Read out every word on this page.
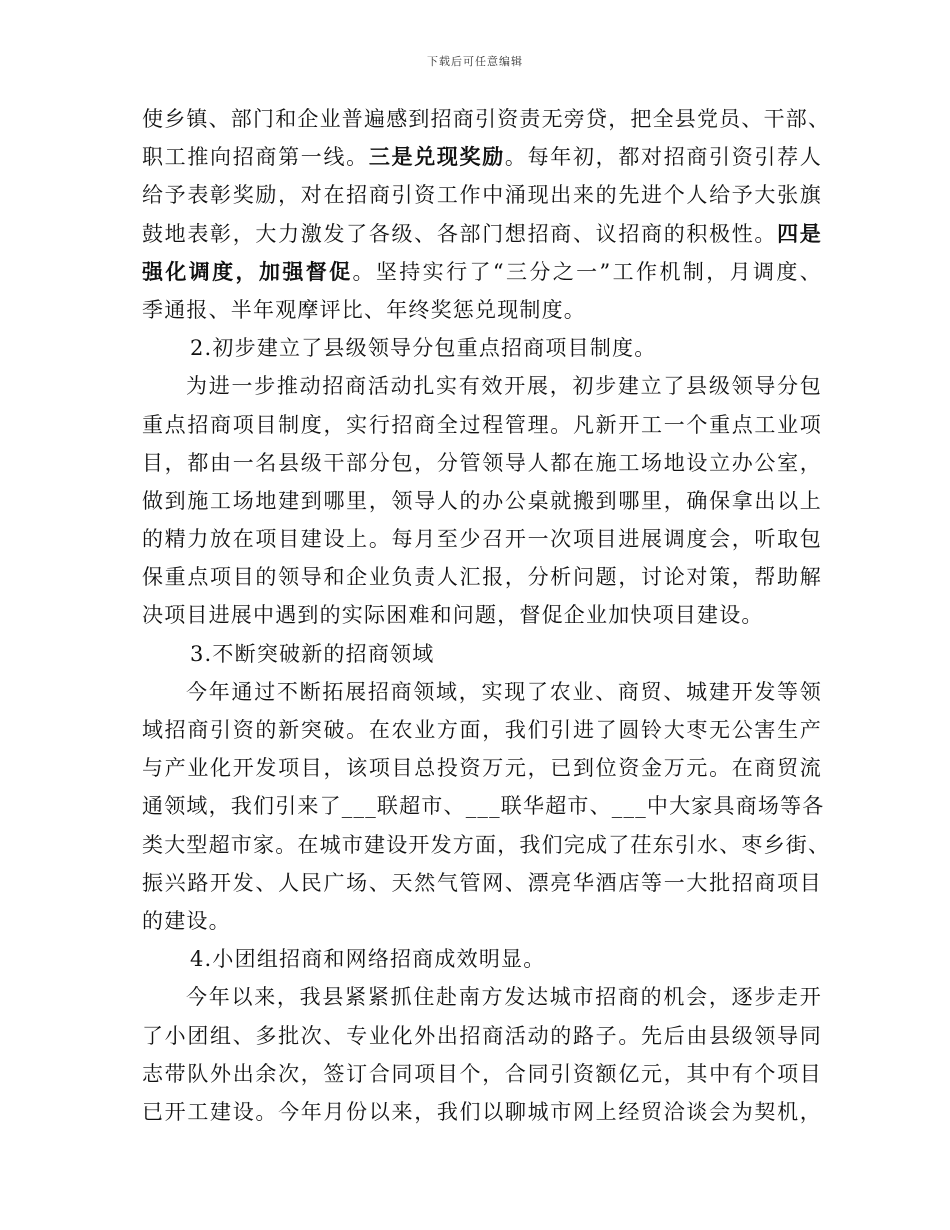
下载后可任意编辑
使乡镇、部门和企业普遍感到招商引资责无旁贷，把全县党员、干部、
职工推向招商第一线。三是兑现奖励。每年初，都对招商引资引荐人
给予表彰奖励，对在招商引资工作中涌现出来的先进个人给予大张旗
鼓地表彰，大力激发了各级、各部门想招商、议招商的积极性。四是
强化调度，加强督促。坚持实行了“三分之一”工作机制，月调度、
季通报、半年观摩评比、年终奖惩兑现制度。
2.初步建立了县级领导分包重点招商项目制度。
为进一步推动招商活动扎实有效开展，初步建立了县级领导分包
重点招商项目制度，实行招商全过程管理。凡新开工一个重点工业项
目，都由一名县级干部分包，分管领导人都在施工场地设立办公室，
做到施工场地建到哪里，领导人的办公桌就搬到哪里，确保拿出以上
的精力放在项目建设上。每月至少召开一次项目进展调度会，听取包
保重点项目的领导和企业负责人汇报，分析问题，讨论对策，帮助解
决项目进展中遇到的实际困难和问题，督促企业加快项目建设。
3.不断突破新的招商领域
今年通过不断拓展招商领域，实现了农业、商贸、城建开发等领
域招商引资的新突破。在农业方面，我们引进了圆铃大枣无公害生产
与产业化开发项目，该项目总投资万元，已到位资金万元。在商贸流
通领域，我们引来了___联超市、___联华超市、___中大家具商场等各
类大型超市家。在城市建设开发方面，我们完成了茌东引水、枣乡街、
振兴路开发、人民广场、天然气管网、漂亮华酒店等一大批招商项目
的建设。
4.小团组招商和网络招商成效明显。
今年以来，我县紧紧抓住赴南方发达城市招商的机会，逐步走开
了小团组、多批次、专业化外出招商活动的路子。先后由县级领导同
志带队外出余次，签订合同项目个，合同引资额亿元，其中有个项目
已开工建设。今年月份以来，我们以聊城市网上经贸洽谈会为契机，
